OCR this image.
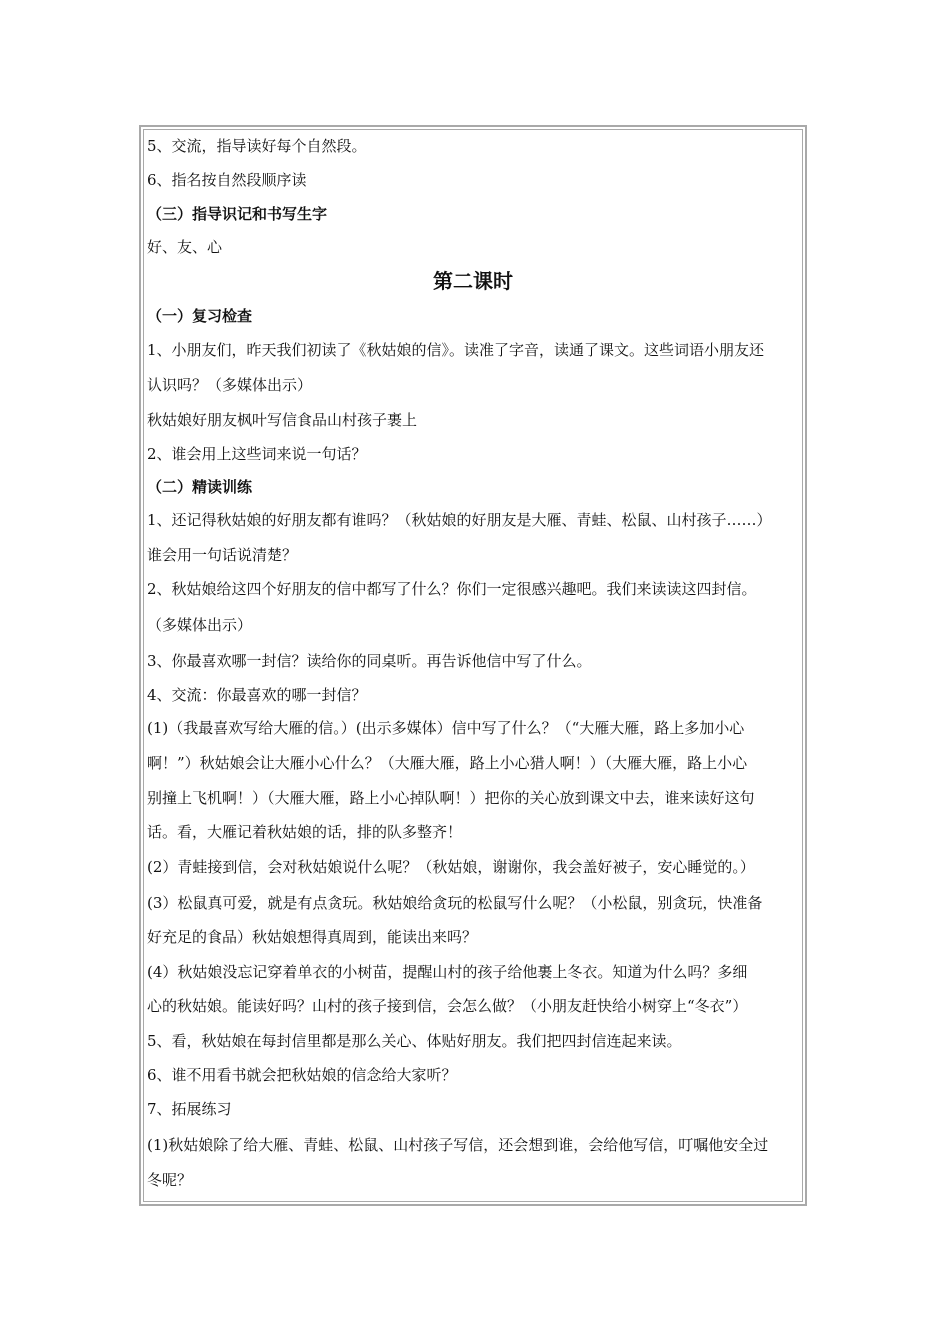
5、交流，指导读好每个自然段。
6、指名按自然段顺序读
（三）指导识记和书写生字
好、友、心
第二课时
（一）复习检查
1、小朋友们，昨天我们初读了《秋姑娘的信》。读准了字音，读通了课文。这些词语小朋友还
认识吗？（多媒体出示）
秋姑娘好朋友枫叶写信食品山村孩子裹上
2、谁会用上这些词来说一句话？
（二）精读训练
1、还记得秋姑娘的好朋友都有谁吗？（秋姑娘的好朋友是大雁、青蛙、松鼠、山村孩子……）
谁会用一句话说清楚？
2、秋姑娘给这四个好朋友的信中都写了什么？你们一定很感兴趣吧。我们来读读这四封信。
（多媒体出示）
3、你最喜欢哪一封信？读给你的同桌听。再告诉他信中写了什么。
4、交流：你最喜欢的哪一封信？
(1)（我最喜欢写给大雁的信。）(出示多媒体）信中写了什么？（“大雁大雁，路上多加小心
啊！”）秋姑娘会让大雁小心什么？（大雁大雁，路上小心猎人啊！）（大雁大雁，路上小心
别撞上飞机啊！）（大雁大雁，路上小心掉队啊！）把你的关心放到课文中去，谁来读好这句
话。看，大雁记着秋姑娘的话，排的队多整齐！
(2）青蛙接到信，会对秋姑娘说什么呢？（秋姑娘，谢谢你，我会盖好被子，安心睡觉的。）
(3）松鼠真可爱，就是有点贪玩。秋姑娘给贪玩的松鼠写什么呢？（小松鼠，别贪玩，快准备
好充足的食品）秋姑娘想得真周到，能读出来吗？
(4）秋姑娘没忘记穿着单衣的小树苗，提醒山村的孩子给他裹上冬衣。知道为什么吗？多细
心的秋姑娘。能读好吗？山村的孩子接到信，会怎么做？（小朋友赶快给小树穿上“冬衣”）
5、看，秋姑娘在每封信里都是那么关心、体贴好朋友。我们把四封信连起来读。
6、谁不用看书就会把秋姑娘的信念给大家听？
7、拓展练习
(1)秋姑娘除了给大雁、青蛙、松鼠、山村孩子写信，还会想到谁，会给他写信，叮嘱他安全过
冬呢？
